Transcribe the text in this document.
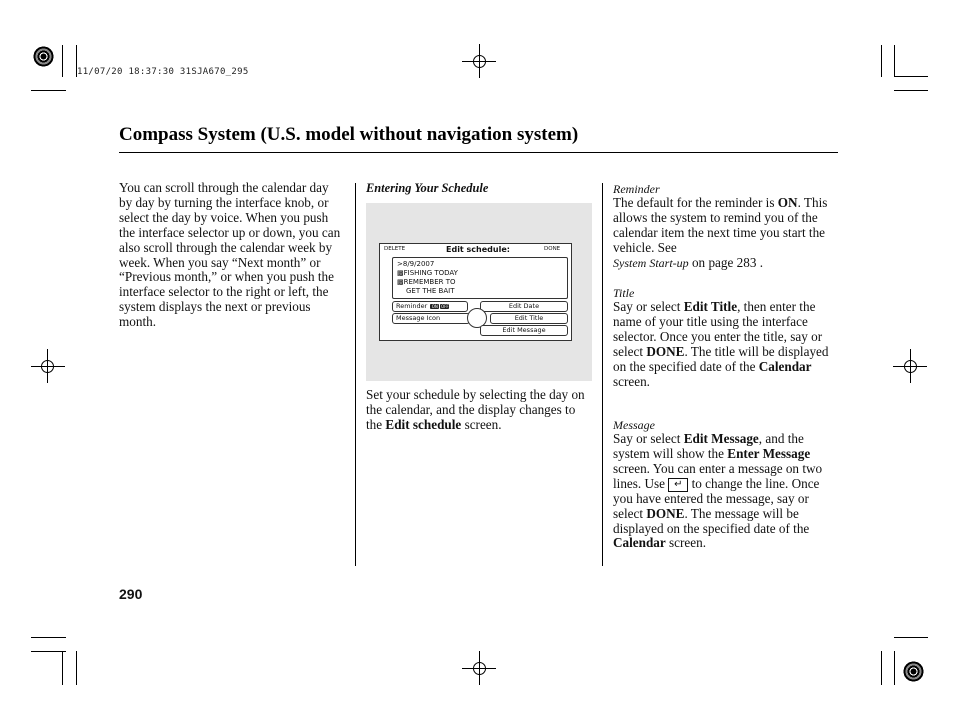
11/07/20 18:37:30 31SJA670_295
Compass System (U.S. model without navigation system)
You can scroll through the calendar day by day by turning the interface knob, or select the day by voice. When you push the interface selector up or down, you can also scroll through the calendar week by week. When you say “Next month” or “Previous month,” or when you push the interface selector to the right or left, the system displays the next or previous month.
Entering Your Schedule
DELETE	Edit schedule:	DONE
>8/9/2007
▩FISHING TODAY
▩REMEMBER TO
GET THE BAIT
Reminder ON OFF	Edit Date
Message Icon	Edit Title
Edit Message
Set your schedule by selecting the day on the calendar, and the display changes to the Edit schedule screen.
Reminder
The default for the reminder is ON. This allows the system to remind you of the calendar item the next time you start the vehicle. See
System Start-up on page 283 .
Title
Say or select Edit Title, then enter the name of your title using the interface selector. Once you enter the title, say or select DONE. The title will be displayed on the specified date of the Calendar screen.
Message
Say or select Edit Message, and the system will show the Enter Message screen. You can enter a message on two lines. Use ↵ to change the line. Once you have entered the message, say or select DONE. The message will be displayed on the specified date of the Calendar screen.
290
